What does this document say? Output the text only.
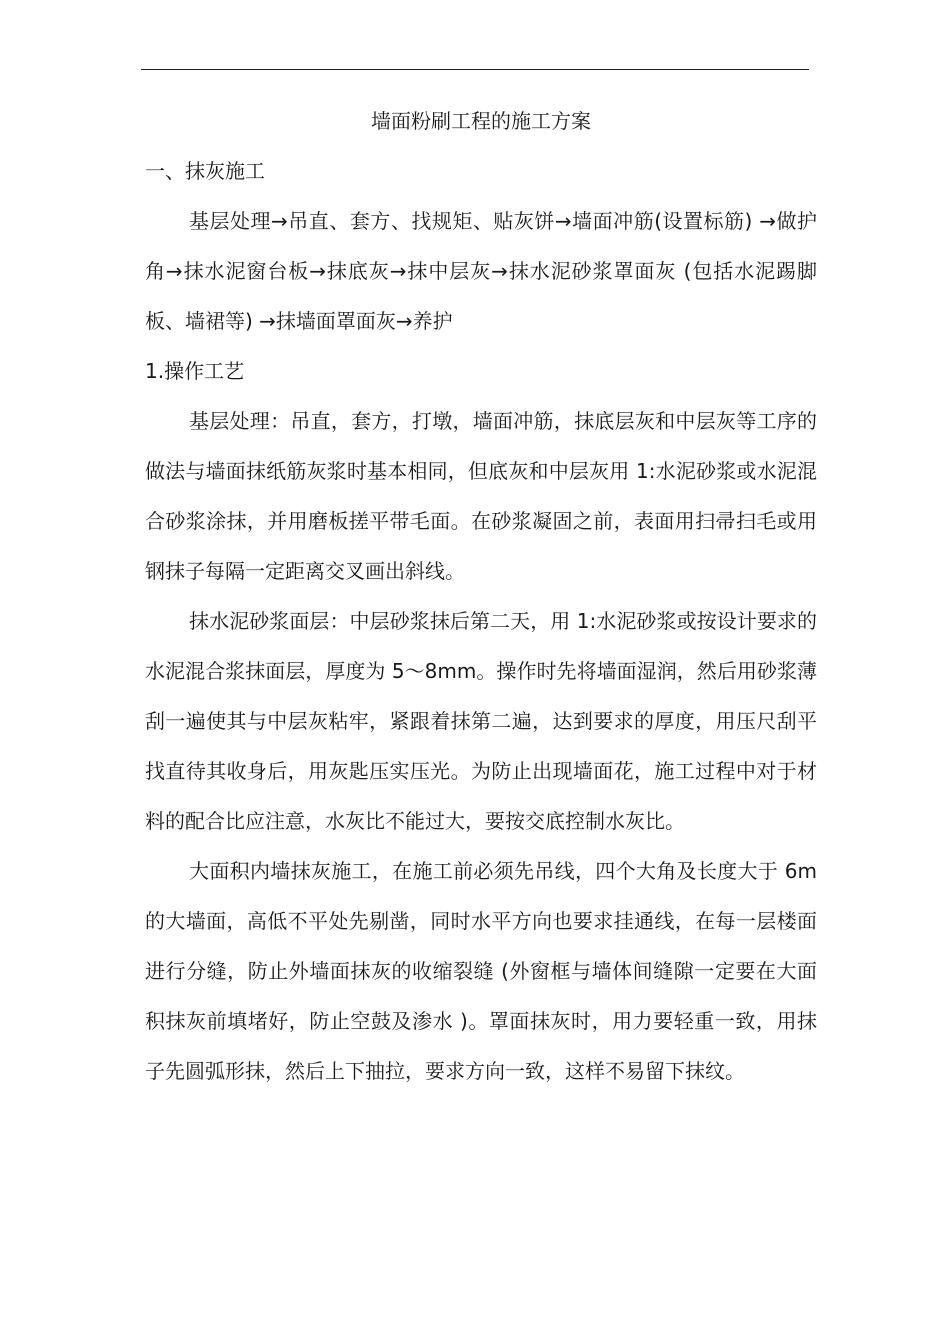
墙面粉刷工程的施工方案
一、抹灰施工

基层处理→吊直、套方、找规矩、贴灰饼→墙面冲筋(设置标筋) →做护角→抹水泥窗台板→抹底灰→抹中层灰→抹水泥砂浆罩面灰 (包括水泥踢脚板、墙裙等) →抹墙面罩面灰→养护

1.操作工艺

基层处理：吊直，套方，打墩，墙面冲筋，抹底层灰和中层灰等工序的做法与墙面抹纸筋灰浆时基本相同，但底灰和中层灰用 1:水泥砂浆或水泥混合砂浆涂抹，并用磨板搓平带毛面。在砂浆凝固之前，表面用扫帚扫毛或用钢抹子每隔一定距离交叉画出斜线。

抹水泥砂浆面层：中层砂浆抹后第二天，用 1:水泥砂浆或按设计要求的水泥混合浆抹面层，厚度为 5～8mm。操作时先将墙面湿润，然后用砂浆薄刮一遍使其与中层灰粘牢，紧跟着抹第二遍，达到要求的厚度，用压尺刮平找直待其收身后，用灰匙压实压光。为防止出现墙面花，施工过程中对于材料的配合比应注意，水灰比不能过大，要按交底控制水灰比。

大面积内墙抹灰施工，在施工前必须先吊线，四个大角及长度大于 6m 的大墙面，高低不平处先剔凿，同时水平方向也要求挂通线，在每一层楼面进行分缝，防止外墙面抹灰的收缩裂缝 (外窗框与墙体间缝隙一定要在大面积抹灰前填堵好，防止空鼓及渗水 )。罩面抹灰时，用力要轻重一致，用抹子先圆弧形抹，然后上下抽拉，要求方向一致，这样不易留下抹纹。
